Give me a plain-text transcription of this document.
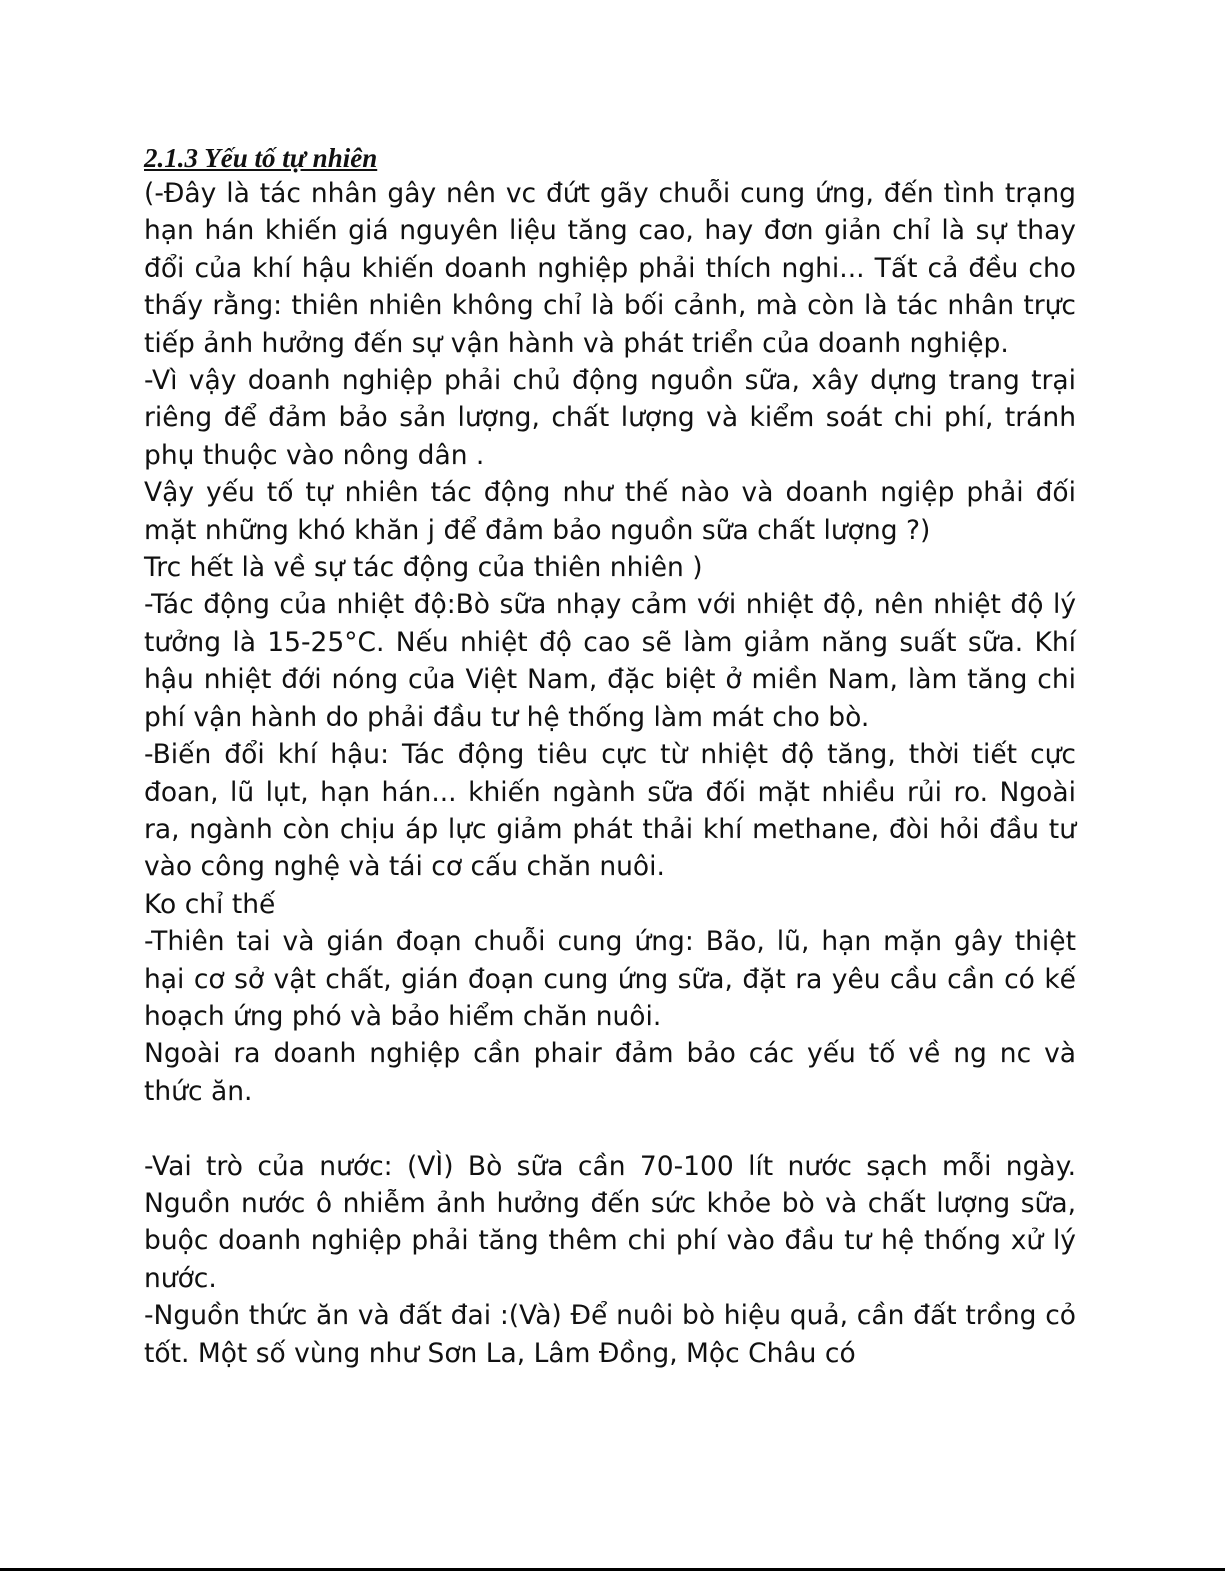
2.1.3 Yếu tố tự nhiên

(-Đây là tác nhân gây nên vc đứt gãy chuỗi cung ứng, đến tình trạng hạn hán khiến giá nguyên liệu tăng cao, hay đơn giản chỉ là sự thay đổi của khí hậu khiến doanh nghiệp phải thích nghi... Tất cả đều cho thấy rằng: thiên nhiên không chỉ là bối cảnh, mà còn là tác nhân trực tiếp ảnh hưởng đến sự vận hành và phát triển của doanh nghiệp.

-Vì vậy doanh nghiệp phải chủ động nguồn sữa, xây dựng trang trại riêng để đảm bảo sản lượng, chất lượng và kiểm soát chi phí, tránh phụ thuộc vào nông dân .

Vậy yếu tố tự nhiên tác động như thế nào và doanh ngiệp phải đối mặt những khó khăn j để đảm bảo nguồn sữa chất lượng ?)

Trc hết là về sự tác động của thiên nhiên )

-Tác động của nhiệt độ:Bò sữa nhạy cảm với nhiệt độ, nên nhiệt độ lý tưởng là 15-25°C. Nếu nhiệt độ cao sẽ làm giảm năng suất sữa. Khí hậu nhiệt đới nóng của Việt Nam, đặc biệt ở miền Nam, làm tăng chi phí vận hành do phải đầu tư hệ thống làm mát cho bò.

-Biến đổi khí hậu: Tác động tiêu cực từ nhiệt độ tăng, thời tiết cực đoan, lũ lụt, hạn hán... khiến ngành sữa đối mặt nhiều rủi ro. Ngoài ra, ngành còn chịu áp lực giảm phát thải khí methane, đòi hỏi đầu tư vào công nghệ và tái cơ cấu chăn nuôi.

Ko chỉ thế

-Thiên tai và gián đoạn chuỗi cung ứng: Bão, lũ, hạn mặn gây thiệt hại cơ sở vật chất, gián đoạn cung ứng sữa, đặt ra yêu cầu cần có kế hoạch ứng phó và bảo hiểm chăn nuôi.

Ngoài ra doanh nghiệp cần phair đảm bảo các yếu tố về ng nc và thức ăn.

-Vai trò của nước: (VÌ) Bò sữa cần 70-100 lít nước sạch mỗi ngày. Nguồn nước ô nhiễm ảnh hưởng đến sức khỏe bò và chất lượng sữa, buộc doanh nghiệp phải tăng thêm chi phí vào đầu tư hệ thống xử lý nước.

-Nguồn thức ăn và đất đai :(Và) Để nuôi bò hiệu quả, cần đất trồng cỏ tốt. Một số vùng như Sơn La, Lâm Đồng, Mộc Châu có
